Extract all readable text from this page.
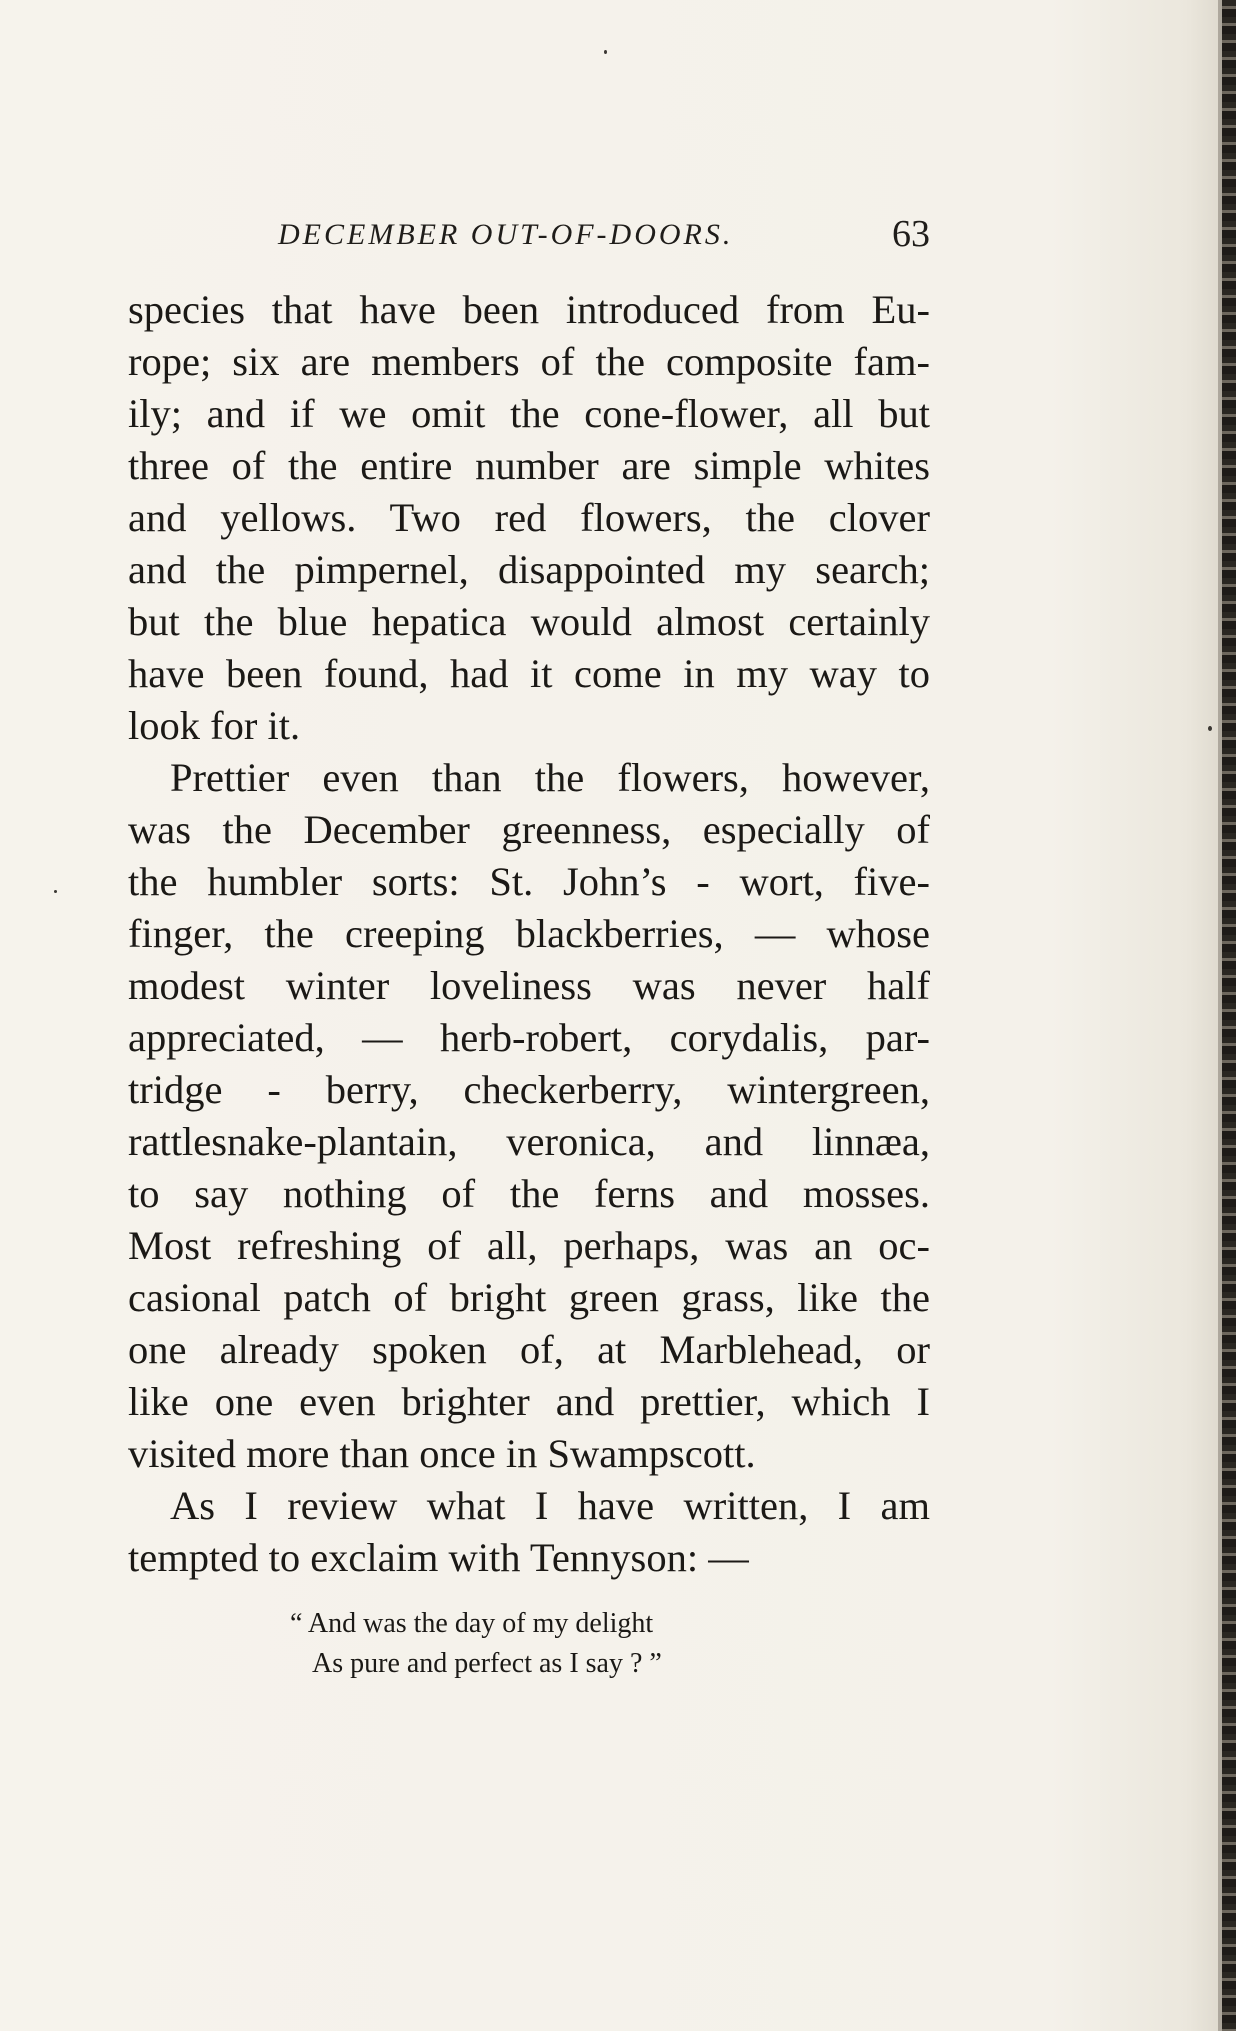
DECEMBER OUT-OF-DOORS.	63
species that have been introduced from Eu-
rope; six are members of the composite fam-
ily; and if we omit the cone-flower, all but
three of the entire number are simple whites
and yellows. Two red flowers, the clover
and the pimpernel, disappointed my search;
but the blue hepatica would almost certainly
have been found, had it come in my way to
look for it.
Prettier even than the flowers, however,
was the December greenness, especially of
the humbler sorts: St. John’s - wort, five-
finger, the creeping blackberries, — whose
modest winter loveliness was never half
appreciated, — herb-robert, corydalis, par-
tridge - berry, checkerberry, wintergreen,
rattlesnake-plantain, veronica, and linnæa,
to say nothing of the ferns and mosses.
Most refreshing of all, perhaps, was an oc-
casional patch of bright green grass, like the
one already spoken of, at Marblehead, or
like one even brighter and prettier, which I
visited more than once in Swampscott.
As I review what I have written, I am
tempted to exclaim with Tennyson: —
“ And was the day of my delight
As pure and perfect as I say ? ”
